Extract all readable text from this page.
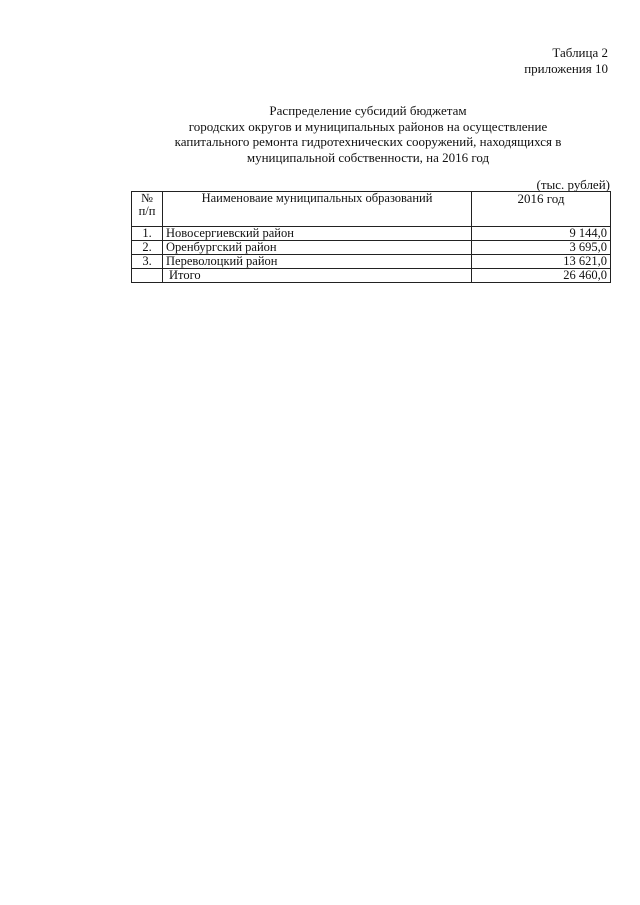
Таблица 2
приложения 10
Распределение субсидий бюджетам
городских округов и муниципальных районов на осуществление
капитального ремонта гидротехнических сооружений, находящихся в
муниципальной собственности, на 2016 год
(тыс. рублей)
№
п/п	Наименоваие муниципальных образований	2016 год
1.	Новосергиевский район	9 144,0
2.	Оренбургский район	3 695,0
3.	Переволоцкий район	13 621,0
	Итого	26 460,0
